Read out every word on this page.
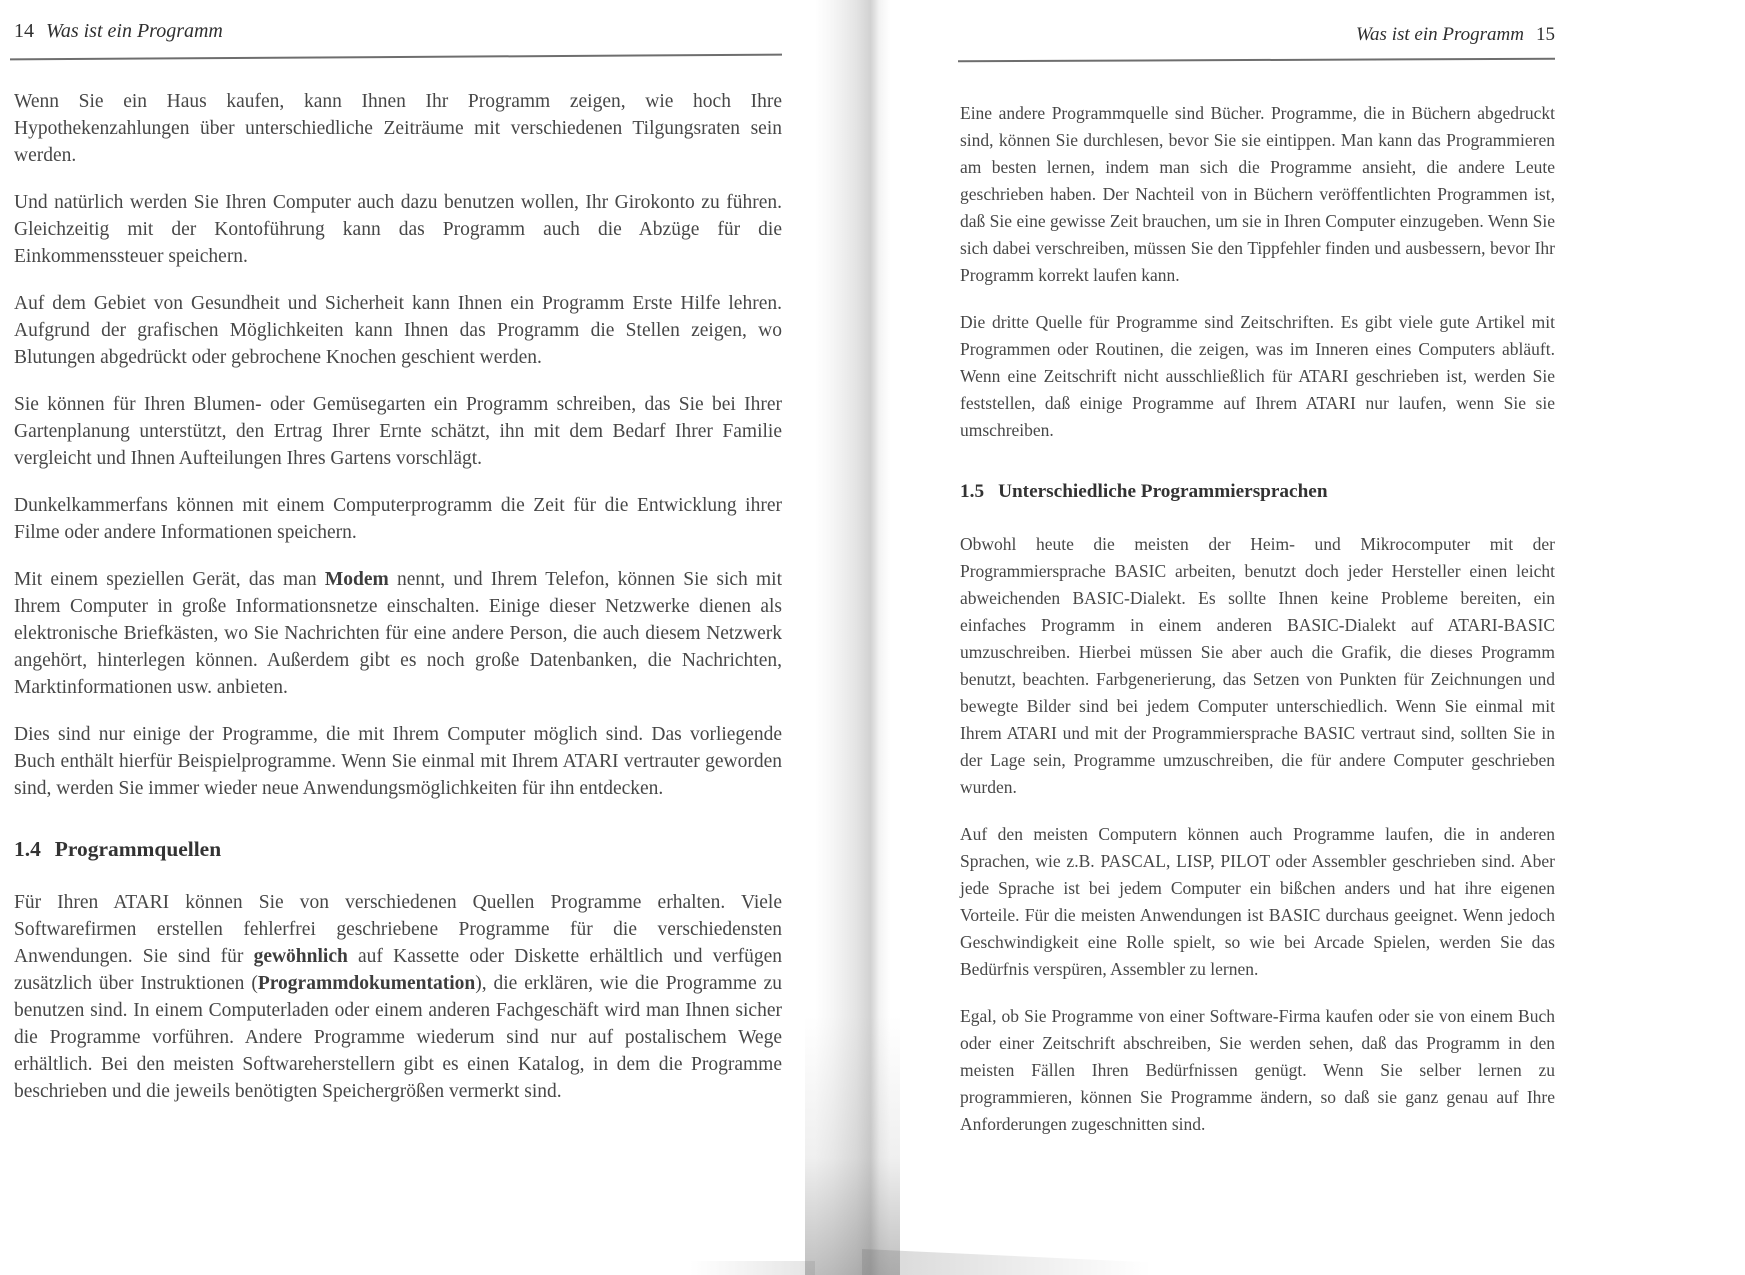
14 Was ist ein Programm

Wenn Sie ein Haus kaufen, kann Ihnen Ihr Programm zeigen, wie hoch Ihre Hypothekenzahlungen über unterschiedliche Zeiträume mit verschiedenen Tilgungsraten sein werden.

Und natürlich werden Sie Ihren Computer auch dazu benutzen wollen, Ihr Girokonto zu führen. Gleichzeitig mit der Kontoführung kann das Programm auch die Abzüge für die Einkommenssteuer speichern.

Auf dem Gebiet von Gesundheit und Sicherheit kann Ihnen ein Programm Erste Hilfe lehren. Aufgrund der grafischen Möglichkeiten kann Ihnen das Programm die Stellen zeigen, wo Blutungen abgedrückt oder gebrochene Knochen geschient werden.

Sie können für Ihren Blumen- oder Gemüsegarten ein Programm schreiben, das Sie bei Ihrer Gartenplanung unterstützt, den Ertrag Ihrer Ernte schätzt, ihn mit dem Bedarf Ihrer Familie vergleicht und Ihnen Aufteilungen Ihres Gartens vorschlägt.

Dunkelkammerfans können mit einem Computerprogramm die Zeit für die Entwicklung ihrer Filme oder andere Informationen speichern.

Mit einem speziellen Gerät, das man Modem nennt, und Ihrem Telefon, können Sie sich mit Ihrem Computer in große Informationsnetze einschalten. Einige dieser Netzwerke dienen als elektronische Briefkästen, wo Sie Nachrichten für eine andere Person, die auch diesem Netzwerk angehört, hinterlegen können. Außerdem gibt es noch große Datenbanken, die Nachrichten, Marktinformationen usw. anbieten.

Dies sind nur einige der Programme, die mit Ihrem Computer möglich sind. Das vorliegende Buch enthält hierfür Beispielprogramme. Wenn Sie einmal mit Ihrem ATARI vertrauter geworden sind, werden Sie immer wieder neue Anwendungsmöglichkeiten für ihn entdecken.

1.4 Programmquellen

Für Ihren ATARI können Sie von verschiedenen Quellen Programme erhalten. Viele Softwarefirmen erstellen fehlerfrei geschriebene Programme für die verschiedensten Anwendungen. Sie sind für gewöhnlich auf Kassette oder Diskette erhältlich und verfügen zusätzlich über Instruktionen (Programmdokumentation), die erklären, wie die Programme zu benutzen sind. In einem Computerladen oder einem anderen Fachgeschäft wird man Ihnen sicher die Programme vorführen. Andere Programme wiederum sind nur auf postalischem Wege erhältlich. Bei den meisten Softwareherstellern gibt es einen Katalog, in dem die Programme beschrieben und die jeweils benötigten Speichergrößen vermerkt sind.

Was ist ein Programm 15

Eine andere Programmquelle sind Bücher. Programme, die in Büchern abgedruckt sind, können Sie durchlesen, bevor Sie sie eintippen. Man kann das Programmieren am besten lernen, indem man sich die Programme ansieht, die andere Leute geschrieben haben. Der Nachteil von in Büchern veröffentlichten Programmen ist, daß Sie eine gewisse Zeit brauchen, um sie in Ihren Computer einzugeben. Wenn Sie sich dabei verschreiben, müssen Sie den Tippfehler finden und ausbessern, bevor Ihr Programm korrekt laufen kann.

Die dritte Quelle für Programme sind Zeitschriften. Es gibt viele gute Artikel mit Programmen oder Routinen, die zeigen, was im Inneren eines Computers abläuft. Wenn eine Zeitschrift nicht ausschließlich für ATARI geschrieben ist, werden Sie feststellen, daß einige Programme auf Ihrem ATARI nur laufen, wenn Sie sie umschreiben.

1.5 Unterschiedliche Programmiersprachen

Obwohl heute die meisten der Heim- und Mikrocomputer mit der Programmiersprache BASIC arbeiten, benutzt doch jeder Hersteller einen leicht abweichenden BASIC-Dialekt. Es sollte Ihnen keine Probleme bereiten, ein einfaches Programm in einem anderen BASIC-Dialekt auf ATARI-BASIC umzuschreiben. Hierbei müssen Sie aber auch die Grafik, die dieses Programm benutzt, beachten. Farbgenerierung, das Setzen von Punkten für Zeichnungen und bewegte Bilder sind bei jedem Computer unterschiedlich. Wenn Sie einmal mit Ihrem ATARI und mit der Programmiersprache BASIC vertraut sind, sollten Sie in der Lage sein, Programme umzuschreiben, die für andere Computer geschrieben wurden.

Auf den meisten Computern können auch Programme laufen, die in anderen Sprachen, wie z.B. PASCAL, LISP, PILOT oder Assembler geschrieben sind. Aber jede Sprache ist bei jedem Computer ein bißchen anders und hat ihre eigenen Vorteile. Für die meisten Anwendungen ist BASIC durchaus geeignet. Wenn jedoch Geschwindigkeit eine Rolle spielt, so wie bei Arcade Spielen, werden Sie das Bedürfnis verspüren, Assembler zu lernen.

Egal, ob Sie Programme von einer Software-Firma kaufen oder sie von einem Buch oder einer Zeitschrift abschreiben, Sie werden sehen, daß das Programm in den meisten Fällen Ihren Bedürfnissen genügt. Wenn Sie selber lernen zu programmieren, können Sie Programme ändern, so daß sie ganz genau auf Ihre Anforderungen zugeschnitten sind.
